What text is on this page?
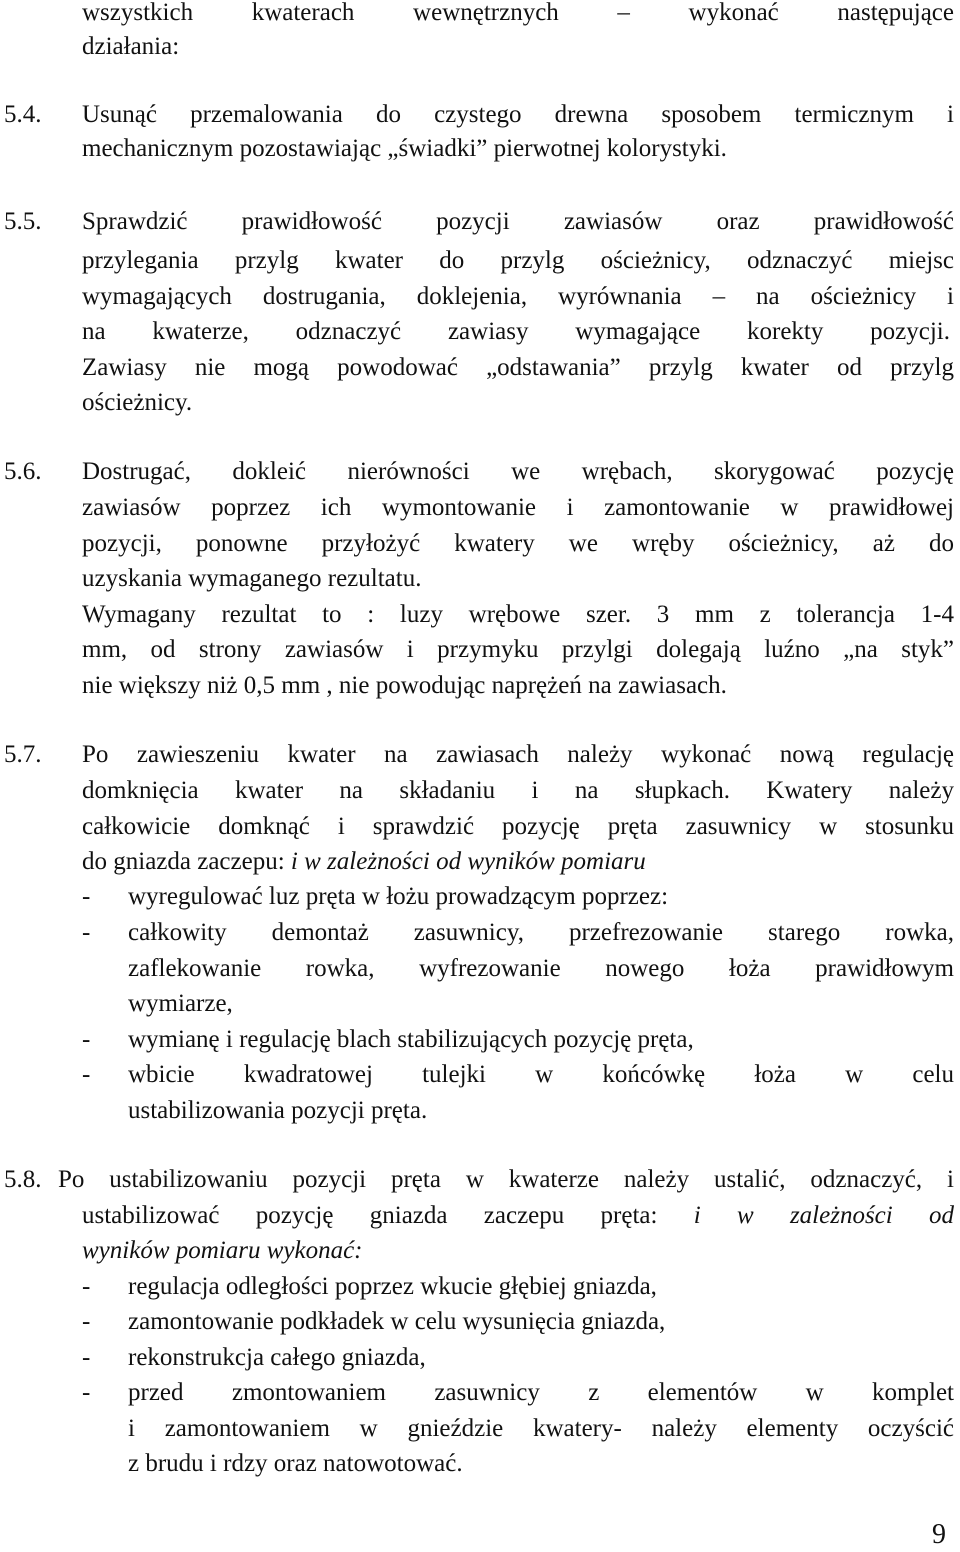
wszystkich kwaterach wewnętrznych – wykonać następujące
działania:
5.4. Usunąć przemalowania do czystego drewna sposobem termicznym i
mechanicznym pozostawiając „świadki” pierwotnej kolorystyki.
5.5. Sprawdzić prawidłowość pozycji zawiasów oraz prawidłowość
przylegania przylg kwater do przylg ościeżnicy, odznaczyć miejsc
wymagających dostrugania, doklejenia, wyrównania – na ościeżnicy i
na kwaterze, odznaczyć zawiasy wymagające korekty pozycji.
Zawiasy nie mogą powodować „odstawania” przylg kwater od przylg
ościeżnicy.
5.6. Dostrugać, dokleić nierówności we wrębach, skorygować pozycję
zawiasów poprzez ich wymontowanie i zamontowanie w prawidłowej
pozycji, ponowne przyłożyć kwatery we wręby ościeżnicy, aż do
uzyskania wymaganego rezultatu.
Wymagany rezultat to : luzy wrębowe szer. 3 mm z tolerancja 1-4
mm, od strony zawiasów i przymyku przylgi dolegają luźno „na styk”
nie większy niż 0,5 mm , nie powodując naprężeń na zawiasach.
5.7. Po zawieszeniu kwater na zawiasach należy wykonać nową regulację
domknięcia kwater na składaniu i na słupkach. Kwatery należy
całkowicie domknąć i sprawdzić pozycję pręta zasuwnicy w stosunku
do gniazda zaczepu: i w zależności od wyników pomiaru
- wyregulować luz pręta w łożu prowadzącym poprzez:
- całkowity demontaż zasuwnicy, przefrezowanie starego rowka,
zaflekowanie rowka, wyfrezowanie nowego łoża prawidłowym
wymiarze,
- wymianę i regulację blach stabilizujących pozycję pręta,
- wbicie kwadratowej tulejki w końcówkę łoża w celu
ustabilizowania pozycji pręta.
5.8. Po ustabilizowaniu pozycji pręta w kwaterze należy ustalić, odznaczyć, i
ustabilizować pozycję gniazda zaczepu pręta: i w zależności od
wyników pomiaru wykonać:
- regulacja odległości poprzez wkucie głębiej gniazda,
- zamontowanie podkładek w celu wysunięcia gniazda,
- rekonstrukcja całego gniazda,
- przed zmontowaniem zasuwnicy z elementów w komplet
i zamontowaniem w gnieździe kwatery- należy elementy oczyścić
z brudu i rdzy oraz natowotować.
9
